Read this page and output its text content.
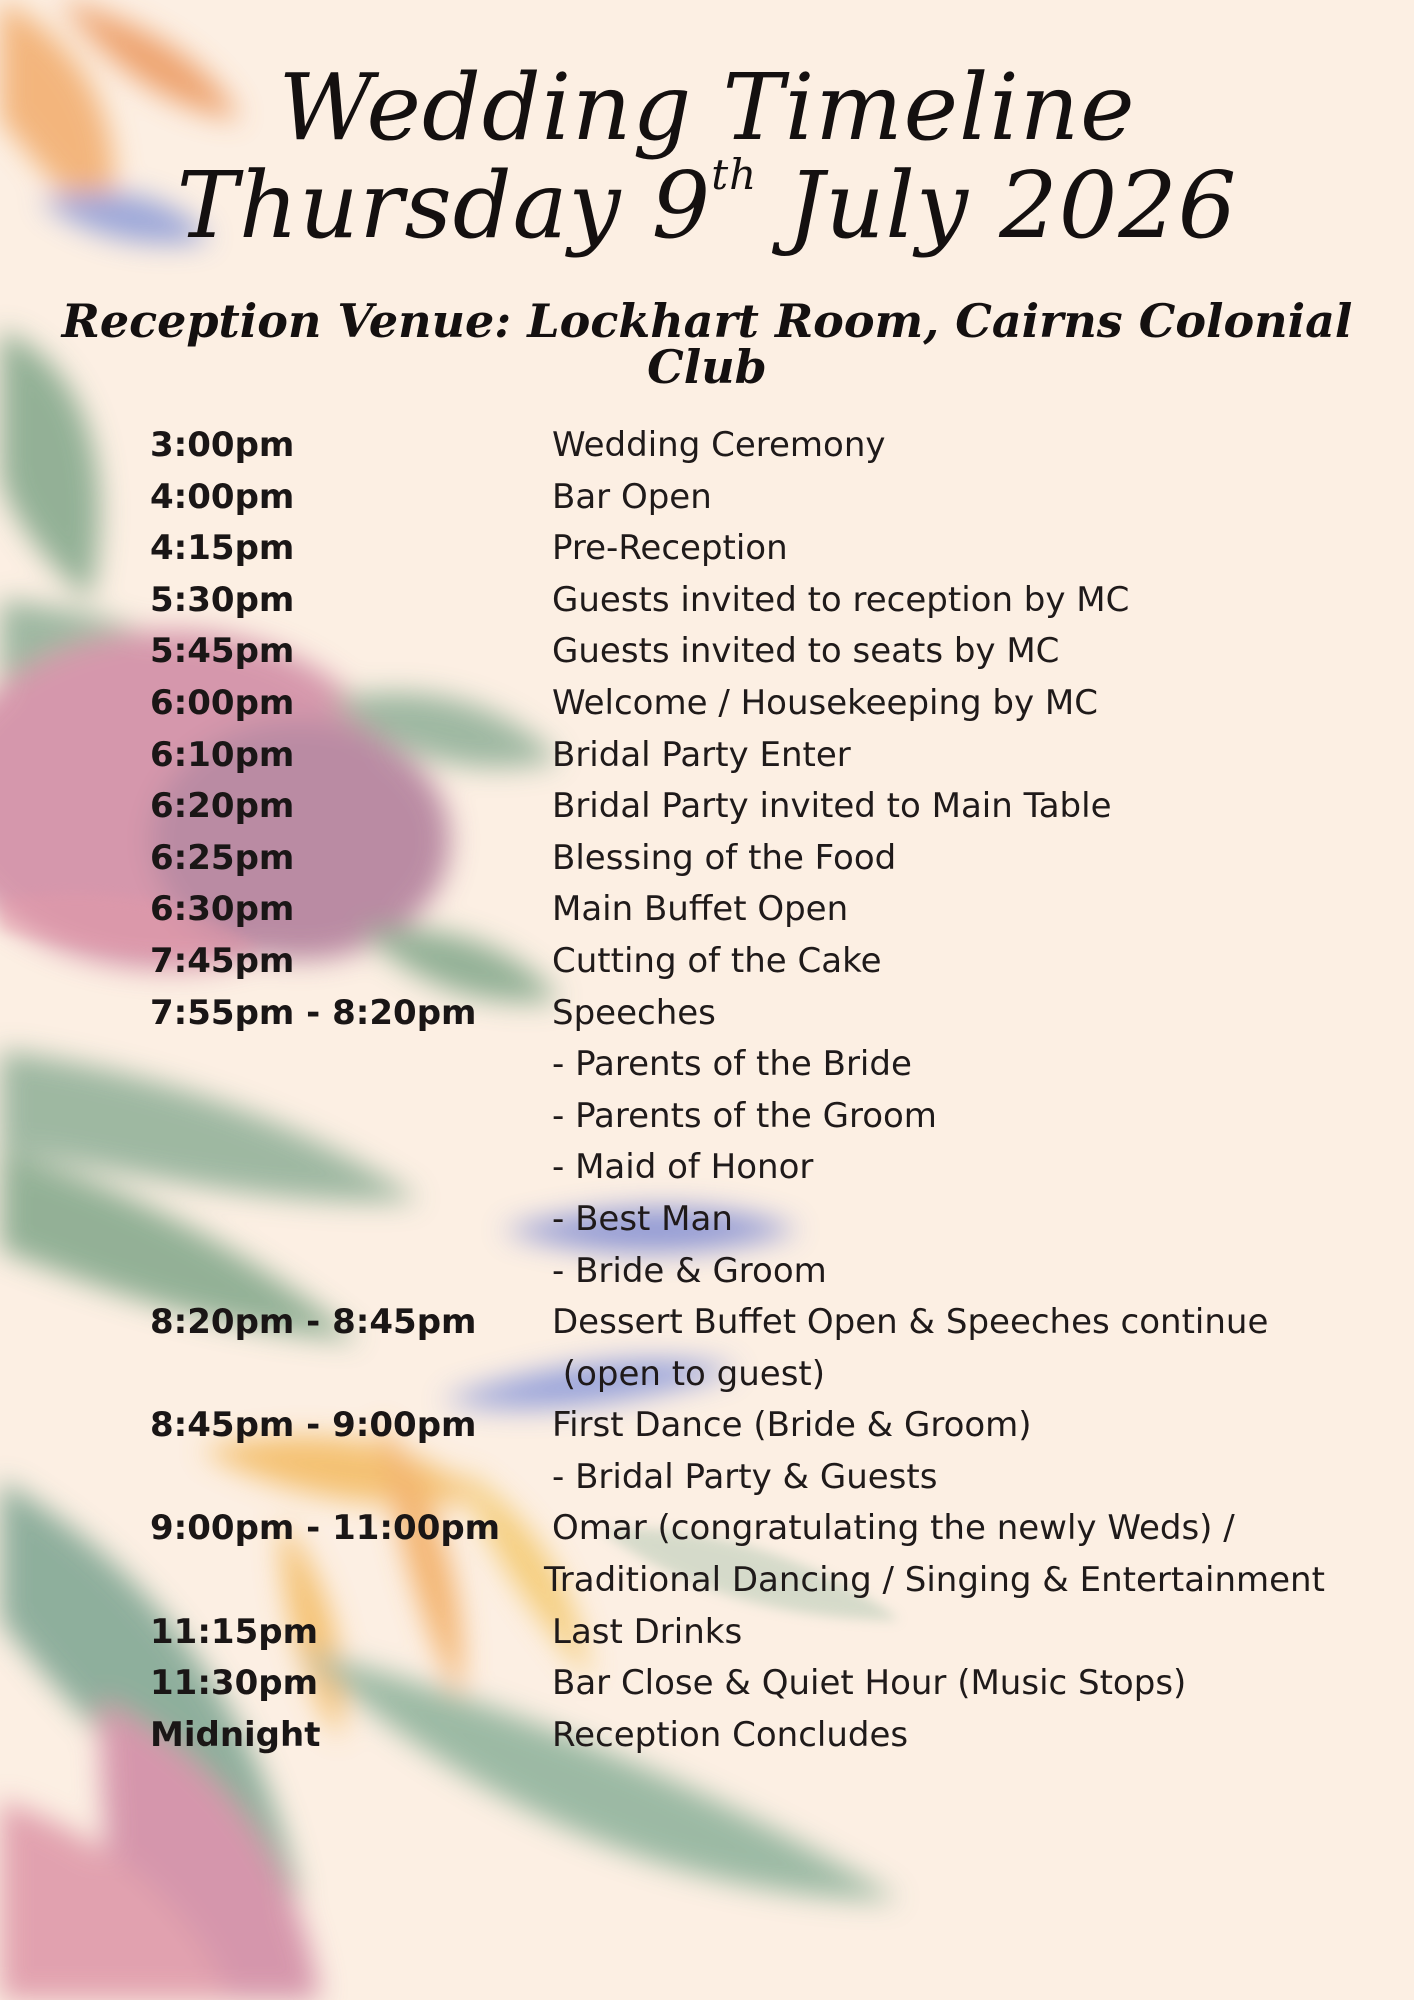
Wedding Timeline
Thursday 9th July 2026
Reception Venue: Lockhart Room, Cairns Colonial Club
3:00pm	Wedding Ceremony
4:00pm	Bar Open
4:15pm	Pre-Reception
5:30pm	Guests invited to reception by MC
5:45pm	Guests invited to seats by MC
6:00pm	Welcome / Housekeeping by MC
6:10pm	Bridal Party Enter
6:20pm	Bridal Party invited to Main Table
6:25pm	Blessing of the Food
6:30pm	Main Buffet Open
7:45pm	Cutting of the Cake
7:55pm - 8:20pm	Speeches
- Parents of the Bride
- Parents of the Groom
- Maid of Honor
- Best Man
- Bride & Groom
8:20pm - 8:45pm	Dessert Buffet Open & Speeches continue
(open to guest)
8:45pm - 9:00pm	First Dance (Bride & Groom)
- Bridal Party & Guests
9:00pm - 11:00pm	Omar (congratulating the newly Weds) /
Traditional Dancing / Singing & Entertainment
11:15pm	Last Drinks
11:30pm	Bar Close & Quiet Hour (Music Stops)
Midnight	Reception Concludes
